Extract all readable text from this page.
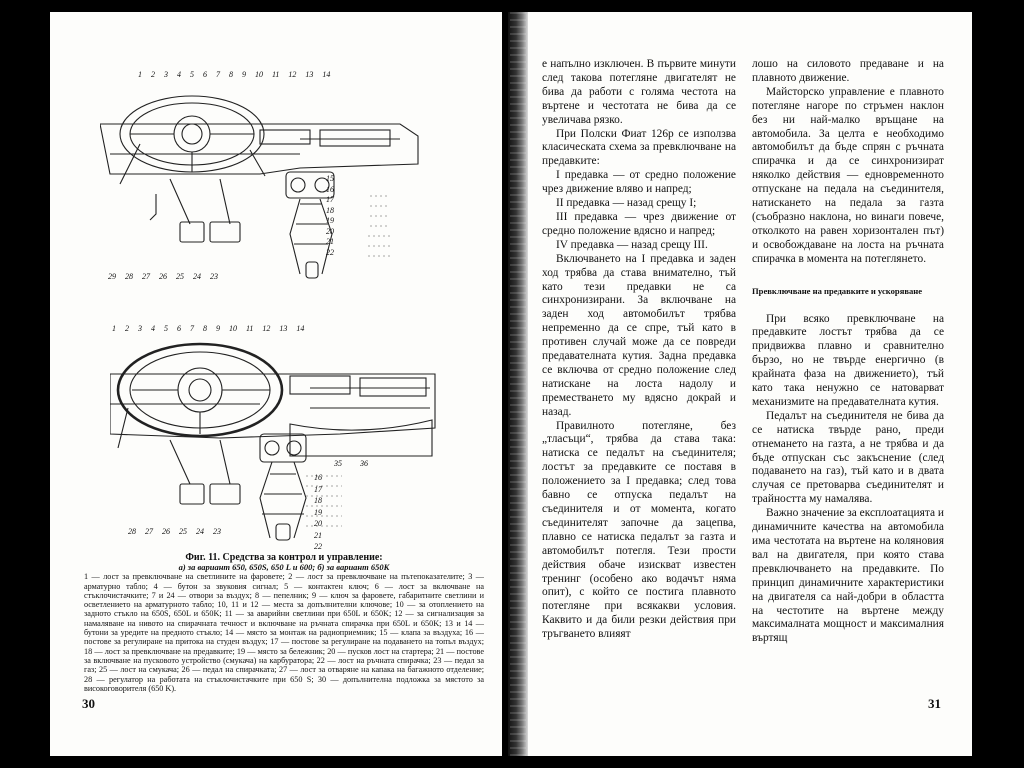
1 2 3 4 5 6 7 8 9 10 11 12 13 14
15
16
17
18
19
20
21
22
29 28 27 26 25 24 23
1 2 3 4 5 6 7 8 9 10 11 12 13 14
16
17
18
19
20
21
22
35 36
28 27 26 25 24 23
Фиг. 11. Средства за контрол и управление:
а) за вариант 650, 650S, 650 L и 600; б) за вариант 650К
1 — лост за превключване на светлините на фаровете; 2 — лост за превключване на пътепоказателите; 3 — арматурно табло; 4 — бутон за звуковия сигнал; 5 — контактен ключ; 6 — лост за включване на стъклочистачките; 7 и 24 — отвори за въздух; 8 — пепелник; 9 — ключ за фаровете, габаритните светлини и осветлението на арматурното табло; 10, 11 и 12 — места за допълнителни ключове; 10 — за отоплението на задното стъкло на 650S, 650L и 650K; 11 — за аварийни светлини при 650L и 650K; 12 — за сигнализация за намаляване на нивото на спирачната течност и включване на ръчната спирачка при 650L и 650K; 13 и 14 — бутони за уредите на предното стъкло; 14 — място за монтаж на радиоприемник; 15 — клапа за въздуха; 16 — постове за регулиране на притока на студен въздух; 17 — постове за регулиране на подаването на топъл въздух; 18 — лост за превключване на предавките; 19 — място за бележник; 20 — пусков лост на стартера; 21 — постове за включване на пусковото устройство (смукача) на карбуратора; 22 — лост на ръчната спирачка; 23 — педал за газ; 25 — лост на смукача; 26 — педал на спирачката; 27 — лост за отваряне на капака на багажното отделение; 28 — регулатор на работата на стъклочистачките при 650 S; 30 — допълнителна подложка за мястото за високоговорителя (650 K).
30

е напълно изключен. В първите минути след такова потегляне двигателят не бива да работи с голяма честота на въртене и честотата не бива да се увеличава рязко.

При Полски Фиат 126р се използва класическата схема за превключване на предавките:

I предавка — от средно положение чрез движение вляво и напред;

II предавка — назад срещу I;

III предавка — чрез движение от средно положение вдясно и напред;

IV предавка — назад срещу III.

Включването на I предавка и заден ход трябва да става внимателно, тъй като тези предавки не са синхронизирани. За включване на заден ход автомобилът трябва непременно да се спре, тъй като в противен случай може да се повреди предавателната кутия. Задна предавка се включва от средно положение след натискане на лоста надолу и преместването му вдясно докрай и назад.

Правилното потегляне, без „тласъци“, трябва да става така: натиска се педалът на съединителя; лостът за предавките се поставя в положението за I предавка; след това бавно се отпуска педалът на съединителя и от момента, когато съединителят започне да зацепва, плавно се натиска педалът за газта и автомобилът потегля. Тези прости действия обаче изискват известен тренинг (особено ако водачът няма опит), с който се постига плавното потегляне при всякакви условия. Каквито и да били резки действия при тръгването влияят

лошо на силовото предаване и на плавното движение.

Майсторско управление е плавното потегляне нагоре по стръмен наклон без ни най-малко връщане на автомобила. За целта е необходимо автомобилът да бъде спрян с ръчната спирачка и да се синхронизират няколко действия — едновременното отпускане на педала на съединителя, натискането на педала за газта (съобразно наклона, но винаги повече, отколкото на равен хоризонтален път) и освобождаване на лоста на ръчната спирачка в момента на потеглянето.

Превключване на предавките и ускоряване

При всяко превключване на предавките лостът трябва да се придвижва плавно и сравнително бързо, но не твърде енергично (в крайната фаза на движението), тъй като така ненужно се натоварват механизмите на предавателната кутия.

Педалът на съединителя не бива да се натиска твърде рано, преди отнемането на газта, а не трябва и да бъде отпускан със закъснение (след подаването на газ), тъй като и в двата случая се претоварва съединителят и трайността му намалява.

Важно значение за експлоатацията и динамичните качества на автомобила има честотата на въртене на коляновия вал на двигателя, при която става превключването на предавките. По принцип динамичните характеристики на двигателя са най-добри в областта на честотите на въртене между максималната мощност и максималния въртящ

31
